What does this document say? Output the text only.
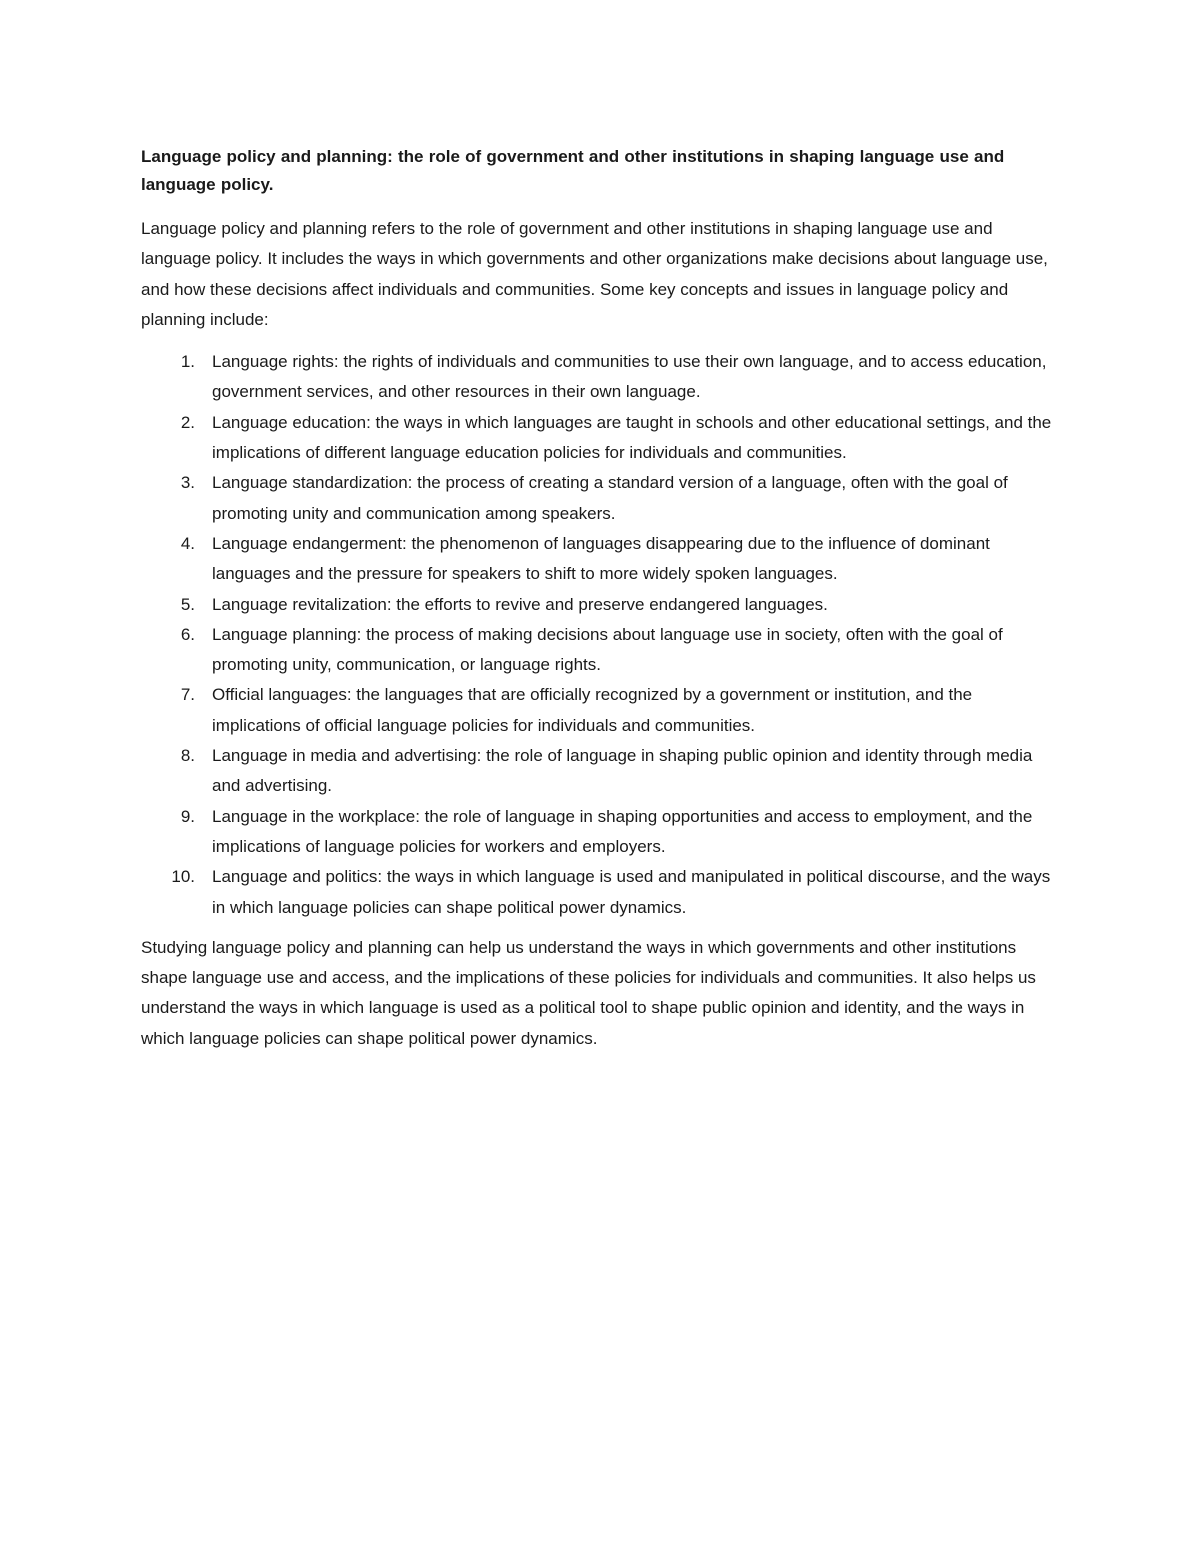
Language policy and planning: the role of government and other institutions in shaping language use and language policy.

Language policy and planning refers to the role of government and other institutions in shaping language use and language policy. It includes the ways in which governments and other organizations make decisions about language use, and how these decisions affect individuals and communities. Some key concepts and issues in language policy and planning include:

1. Language rights: the rights of individuals and communities to use their own language, and to access education, government services, and other resources in their own language.
2. Language education: the ways in which languages are taught in schools and other educational settings, and the implications of different language education policies for individuals and communities.
3. Language standardization: the process of creating a standard version of a language, often with the goal of promoting unity and communication among speakers.
4. Language endangerment: the phenomenon of languages disappearing due to the influence of dominant languages and the pressure for speakers to shift to more widely spoken languages.
5. Language revitalization: the efforts to revive and preserve endangered languages.
6. Language planning: the process of making decisions about language use in society, often with the goal of promoting unity, communication, or language rights.
7. Official languages: the languages that are officially recognized by a government or institution, and the implications of official language policies for individuals and communities.
8. Language in media and advertising: the role of language in shaping public opinion and identity through media and advertising.
9. Language in the workplace: the role of language in shaping opportunities and access to employment, and the implications of language policies for workers and employers.
10. Language and politics: the ways in which language is used and manipulated in political discourse, and the ways in which language policies can shape political power dynamics.

Studying language policy and planning can help us understand the ways in which governments and other institutions shape language use and access, and the implications of these policies for individuals and communities. It also helps us understand the ways in which language is used as a political tool to shape public opinion and identity, and the ways in which language policies can shape political power dynamics.
